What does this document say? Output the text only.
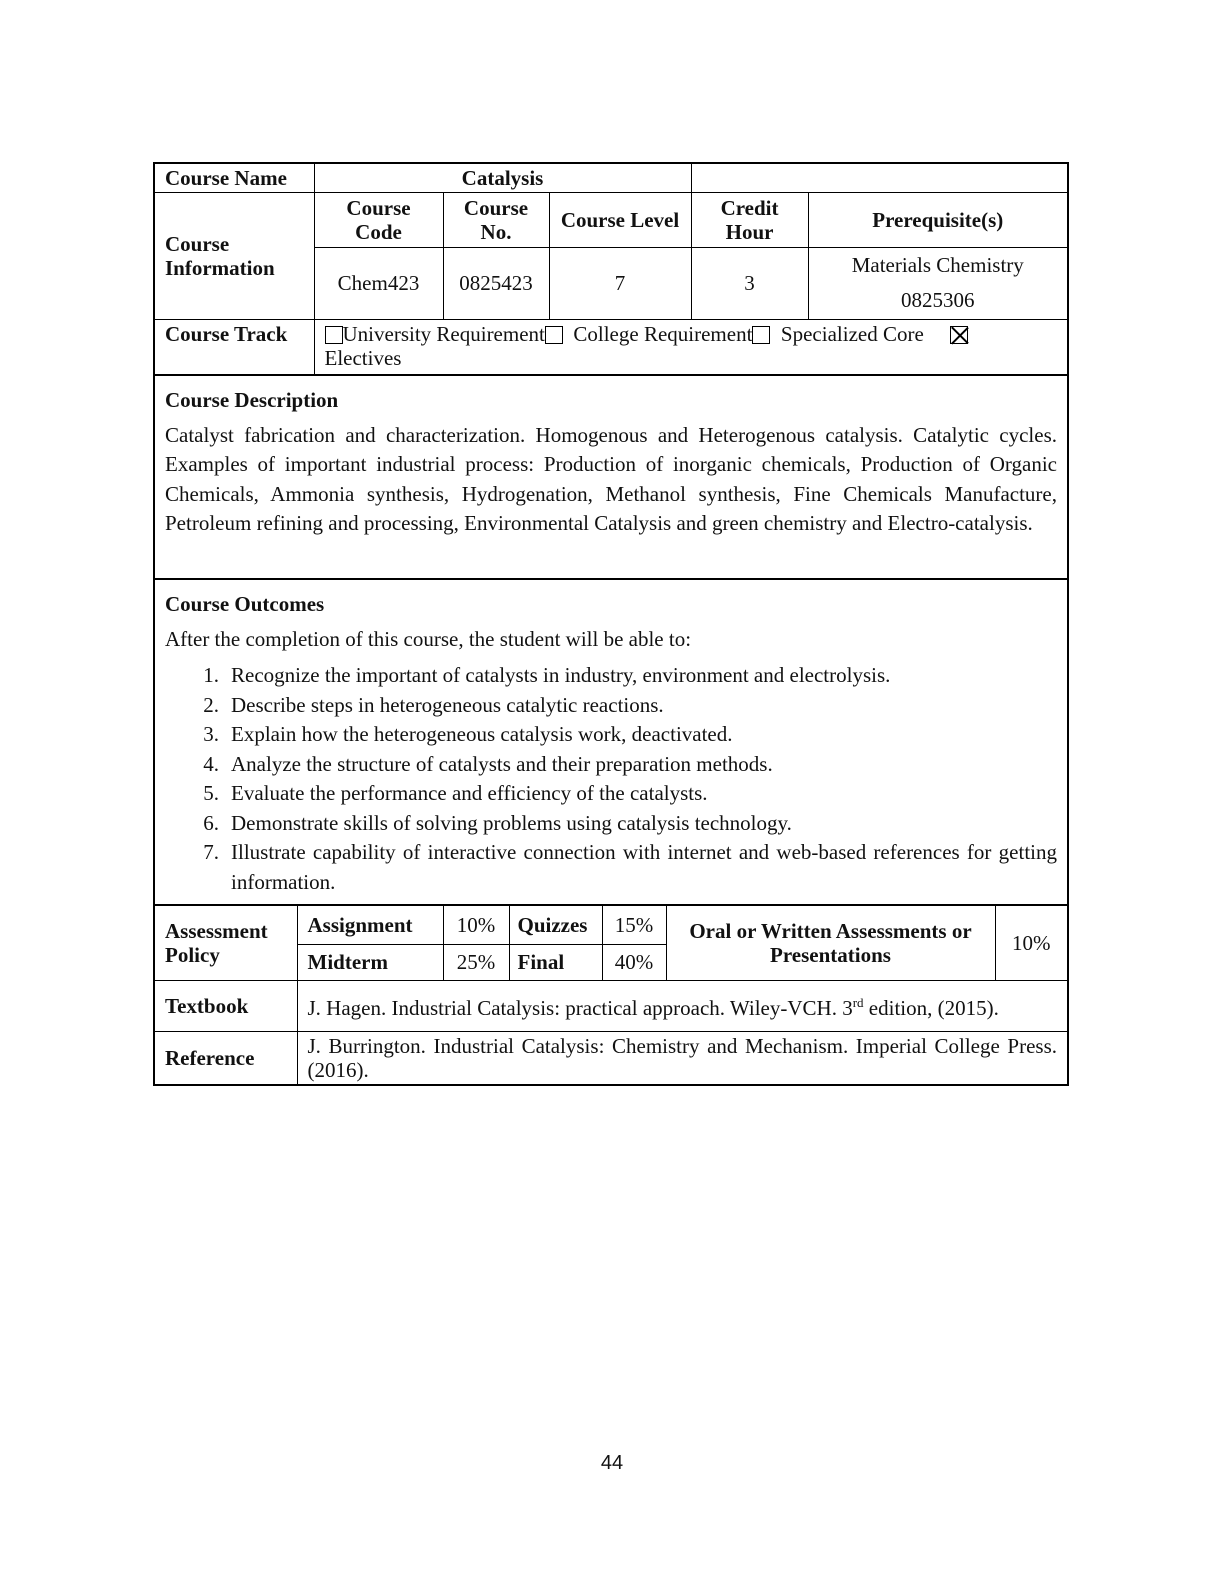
Course Name	Catalysis				
Course Information	Course Code	Course No.	Course Level	Credit Hour	Prerequisite(s)
	Chem423	0825423	7	3	Materials Chemistry
0825306

Course Track	University Requirement College Requirement Specialized Core
Electives				
Course Description
Catalyst fabrication and characterization. Homogenous and Heterogenous catalysis. Catalytic cycles. Examples of important industrial process: Production of inorganic chemicals, Production of Organic Chemicals, Ammonia synthesis, Hydrogenation, Methanol synthesis, Fine Chemicals Manufacture, Petroleum refining and processing, Environmental Catalysis and green chemistry and Electro-catalysis.
Course Outcomes
After the completion of this course, the student will be able to:
1. Recognize the important of catalysts in industry, environment and electrolysis.
2. Describe steps in heterogeneous catalytic reactions.
3. Explain how the heterogeneous catalysis work, deactivated.
4. Analyze the structure of catalysts and their preparation methods.
5. Evaluate the performance and efficiency of the catalysts.
6. Demonstrate skills of solving problems using catalysis technology.
7. Illustrate capability of interactive connection with internet and web-based references for getting information.
Assessment Policy	Assignment	10%	Quizzes	15%	Oral or Written Assessments or Presentations	10%
	Midterm	25%	Final	40%		
Textbook	J. Hagen. Industrial Catalysis: practical approach. Wiley-VCH. 3rd edition, (2015).					
Reference	J. Burrington. Industrial Catalysis: Chemistry and Mechanism. Imperial College Press. (2016).					
44
